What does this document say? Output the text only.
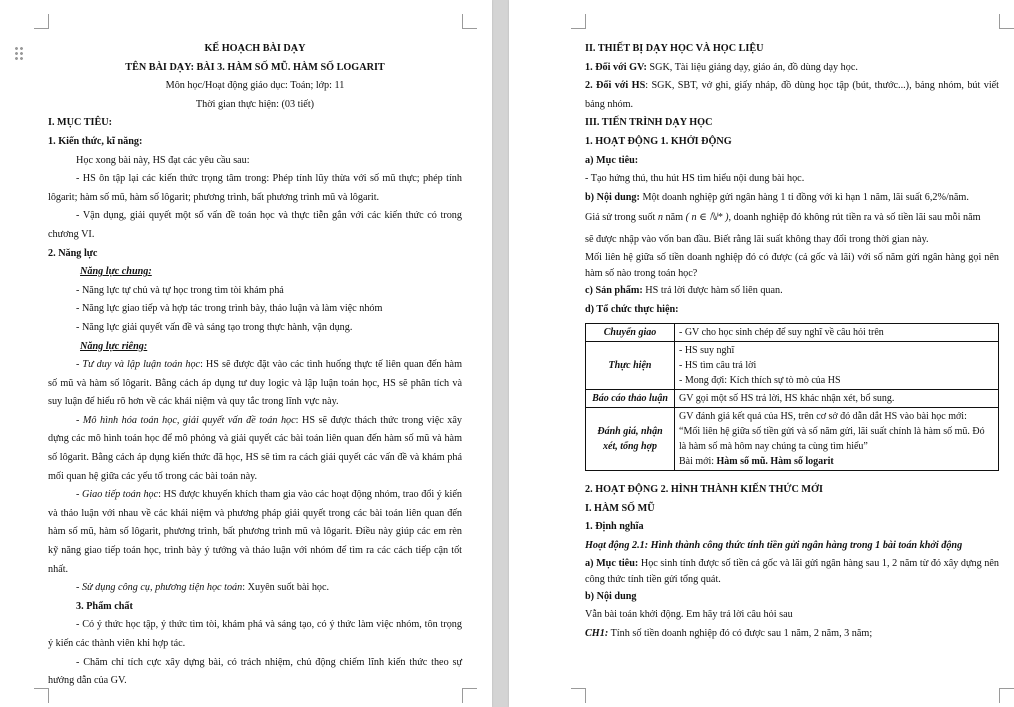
KẾ HOẠCH BÀI DẠY

TÊN BÀI DẠY: BÀI 3. HÀM SỐ MŨ. HÀM SỐ LOGARIT

Môn học/Hoạt động giáo dục: Toán; lớp: 11

Thời gian thực hiện: (03 tiết)

I. MỤC TIÊU:

1. Kiến thức, kĩ năng:

Học xong bài này, HS đạt các yêu cầu sau:

- HS ôn tập lại các kiến thức trọng tâm trong: Phép tính lũy thừa với số mũ thực; phép tính lôgarit; hàm số mũ, hàm số lôgarit; phương trình, bất phương trình mũ và lôgarit.

- Vận dụng, giải quyết một số vấn đề toán học và thực tiễn gắn với các kiến thức có trong chương VI.

2. Năng lực

Năng lực chung:

- Năng lực tự chủ và tự học trong tìm tòi khám phá

- Năng lực giao tiếp và hợp tác trong trình bày, thảo luận và làm việc nhóm

- Năng lực giải quyết vấn đề và sáng tạo trong thực hành, vận dụng.

Năng lực riêng:

- Tư duy và lập luận toán học: HS sẽ được đặt vào các tình huống thực tế liên quan đến hàm số mũ và hàm số lôgarit. Bằng cách áp dụng tư duy logic và lập luận toán học, HS sẽ phân tích và suy luận để hiểu rõ hơn về các khái niệm và quy tắc trong lĩnh vực này.

- Mô hình hóa toán học, giải quyết vấn đề toán học: HS sẽ được thách thức trong việc xây dựng các mô hình toán học để mô phỏng và giải quyết các bài toán liên quan đến hàm số mũ và hàm số lôgarit. Bằng cách áp dụng kiến thức đã học, HS sẽ tìm ra cách giải quyết các vấn đề và khám phá mối quan hệ giữa các yếu tố trong các bài toán này.

- Giao tiếp toán học: HS được khuyến khích tham gia vào các hoạt động nhóm, trao đổi ý kiến và thảo luận với nhau về các khái niệm và phương pháp giải quyết trong các bài toán liên quan đến hàm số mũ, hàm số lôgarit, phương trình, bất phương trình mũ và lôgarit. Điều này giúp các em rèn kỹ năng giao tiếp toán học, trình bày ý tưởng và thảo luận với nhóm để tìm ra các cách tiếp cận tốt nhất.

- Sử dụng công cụ, phương tiện học toán: Xuyên suốt bài học.

3. Phẩm chất

- Có ý thức học tập, ý thức tìm tòi, khám phá và sáng tạo, có ý thức làm việc nhóm, tôn trọng ý kiến các thành viên khi hợp tác.

- Chăm chỉ tích cực xây dựng bài, có trách nhiệm, chủ động chiếm lĩnh kiến thức theo sự hướng dẫn của GV.

II. THIẾT BỊ DẠY HỌC VÀ HỌC LIỆU

1. Đối với GV: SGK, Tài liệu giảng dạy, giáo án, đồ dùng dạy học.

2. Đối với HS: SGK, SBT, vở ghi, giấy nháp, đồ dùng học tập (bút, thước...), bảng nhóm, bút viết bảng nhóm.

III. TIẾN TRÌNH DẠY HỌC

1. HOẠT ĐỘNG 1. KHỞI ĐỘNG

a) Mục tiêu:

- Tạo hứng thú, thu hút HS tìm hiểu nội dung bài học.

b) Nội dung: Một doanh nghiệp gửi ngân hàng 1 tỉ đồng với kì hạn 1 năm, lãi suất 6,2%/năm.

Giả sử trong suốt n năm ( n ∈ ℕ* ), doanh nghiệp đó không rút tiền ra và số tiền lãi sau mỗi năm

sẽ được nhập vào vốn ban đầu. Biết rằng lãi suất không thay đổi trong thời gian này.

Mối liên hệ giữa số tiền doanh nghiệp đó có được (cả gốc và lãi) với số năm gửi ngân hàng gọi nên hàm số nào trong toán học?

c) Sản phẩm: HS trả lời được hàm số liên quan.

d) Tổ chức thực hiện:

Chuyển giao	- GV cho học sinh chép để suy nghĩ về câu hỏi trên
Thực hiện	- HS suy nghĩ
- HS tìm câu trả lời
- Mong đợi: Kích thích sự tò mò của HS

Báo cáo thảo luận	GV gọi một số HS trả lời, HS khác nhận xét, bổ sung.
Đánh giá, nhận xét, tổng hợp	GV đánh giá kết quả của HS, trên cơ sở đó dẫn dắt HS vào bài học mới:
“Mối liên hệ giữa số tiền gửi và số năm gửi, lãi suất chính là hàm số mũ. Đó là hàm số mà hôm nay chúng ta cùng tìm hiểu”
Bài mới: Hàm số mũ. Hàm số logarit

2. HOẠT ĐỘNG 2. HÌNH THÀNH KIẾN THỨC MỚI

I. HÀM SỐ MŨ

1. Định nghĩa

Hoạt động 2.1: Hình thành công thức tính tiền gửi ngân hàng trong 1 bài toán khởi động

a) Mục tiêu: Học sinh tính được số tiền cả gốc và lãi gửi ngân hàng sau 1, 2 năm từ đó xây dựng nên công thức tính tiền gửi tổng quát.

b) Nội dung

Vẫn bài toán khởi động. Em hãy trả lời câu hỏi sau

CH1: Tính số tiền doanh nghiệp đó có được sau 1 năm, 2 năm, 3 năm;
